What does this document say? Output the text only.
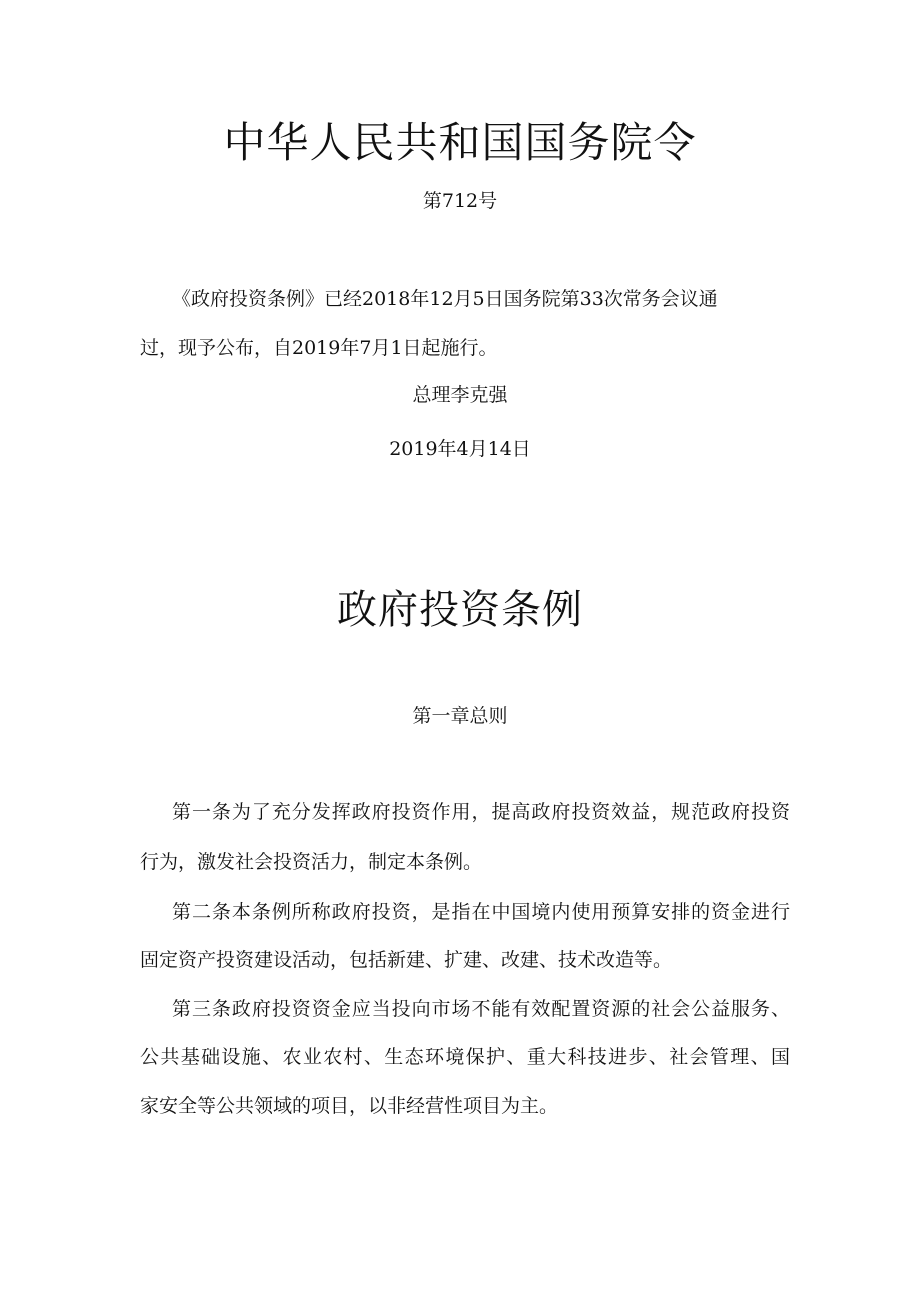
中华人民共和国国务院令
第712号
《政府投资条例》已经2018年12月5日国务院第33次常务会议通
过，现予公布，自2019年7月1日起施行。
总理李克强
2019年4月14日
政府投资条例
第一章总则
第一条为了充分发挥政府投资作用，提高政府投资效益，规范政府投资
行为，激发社会投资活力，制定本条例。
第二条本条例所称政府投资，是指在中国境内使用预算安排的资金进行
固定资产投资建设活动，包括新建、扩建、改建、技术改造等。
第三条政府投资资金应当投向市场不能有效配置资源的社会公益服务、
公共基础设施、农业农村、生态环境保护、重大科技进步、社会管理、国
家安全等公共领域的项目，以非经营性项目为主。
